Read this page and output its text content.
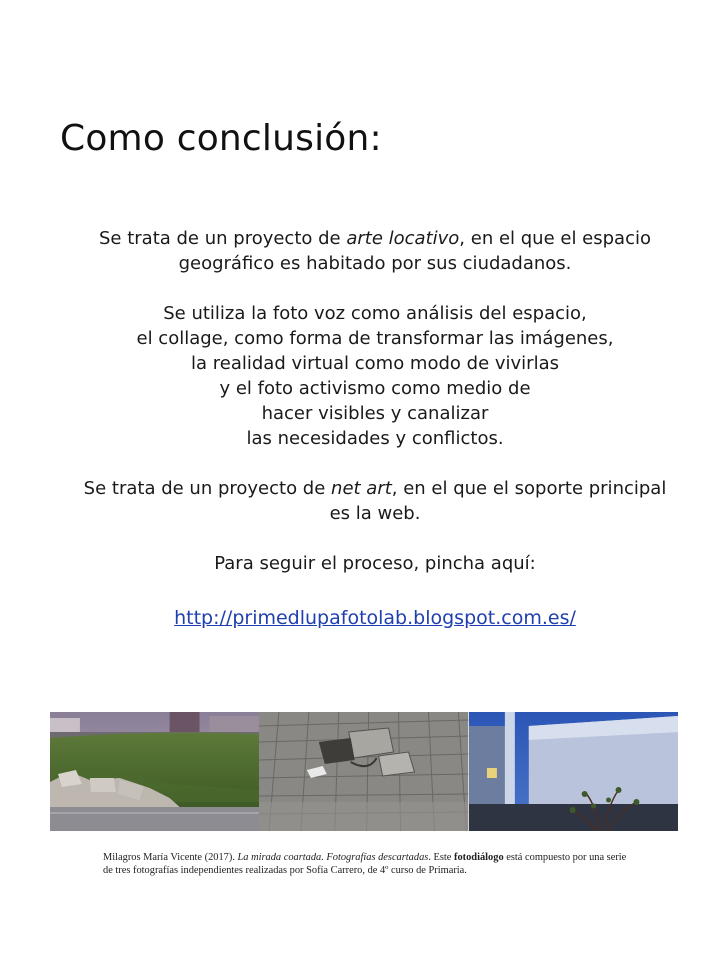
Como conclusión:

Se trata de un proyecto de arte locativo, en el que el espacio

geográfico es habitado por sus ciudadanos.

Se utiliza la foto voz como análisis del espacio,

el collage, como forma de transformar las imágenes,

la realidad virtual como modo de vivirlas

y el foto activismo como medio de

hacer visibles y canalizar

las necesidades y conflictos.

Se trata de un proyecto de net art, en el que el soporte principal

es la web.

Para seguir el proceso, pincha aquí:

http://primedlupafotolab.blogspot.com.es/

Milagros María Vicente (2017). La mirada coartada. Fotografías descartadas. Este fotodiálogo está compuesto por una serie de tres fotografías independientes realizadas por Sofía Carrero, de 4º curso de Primaria.
